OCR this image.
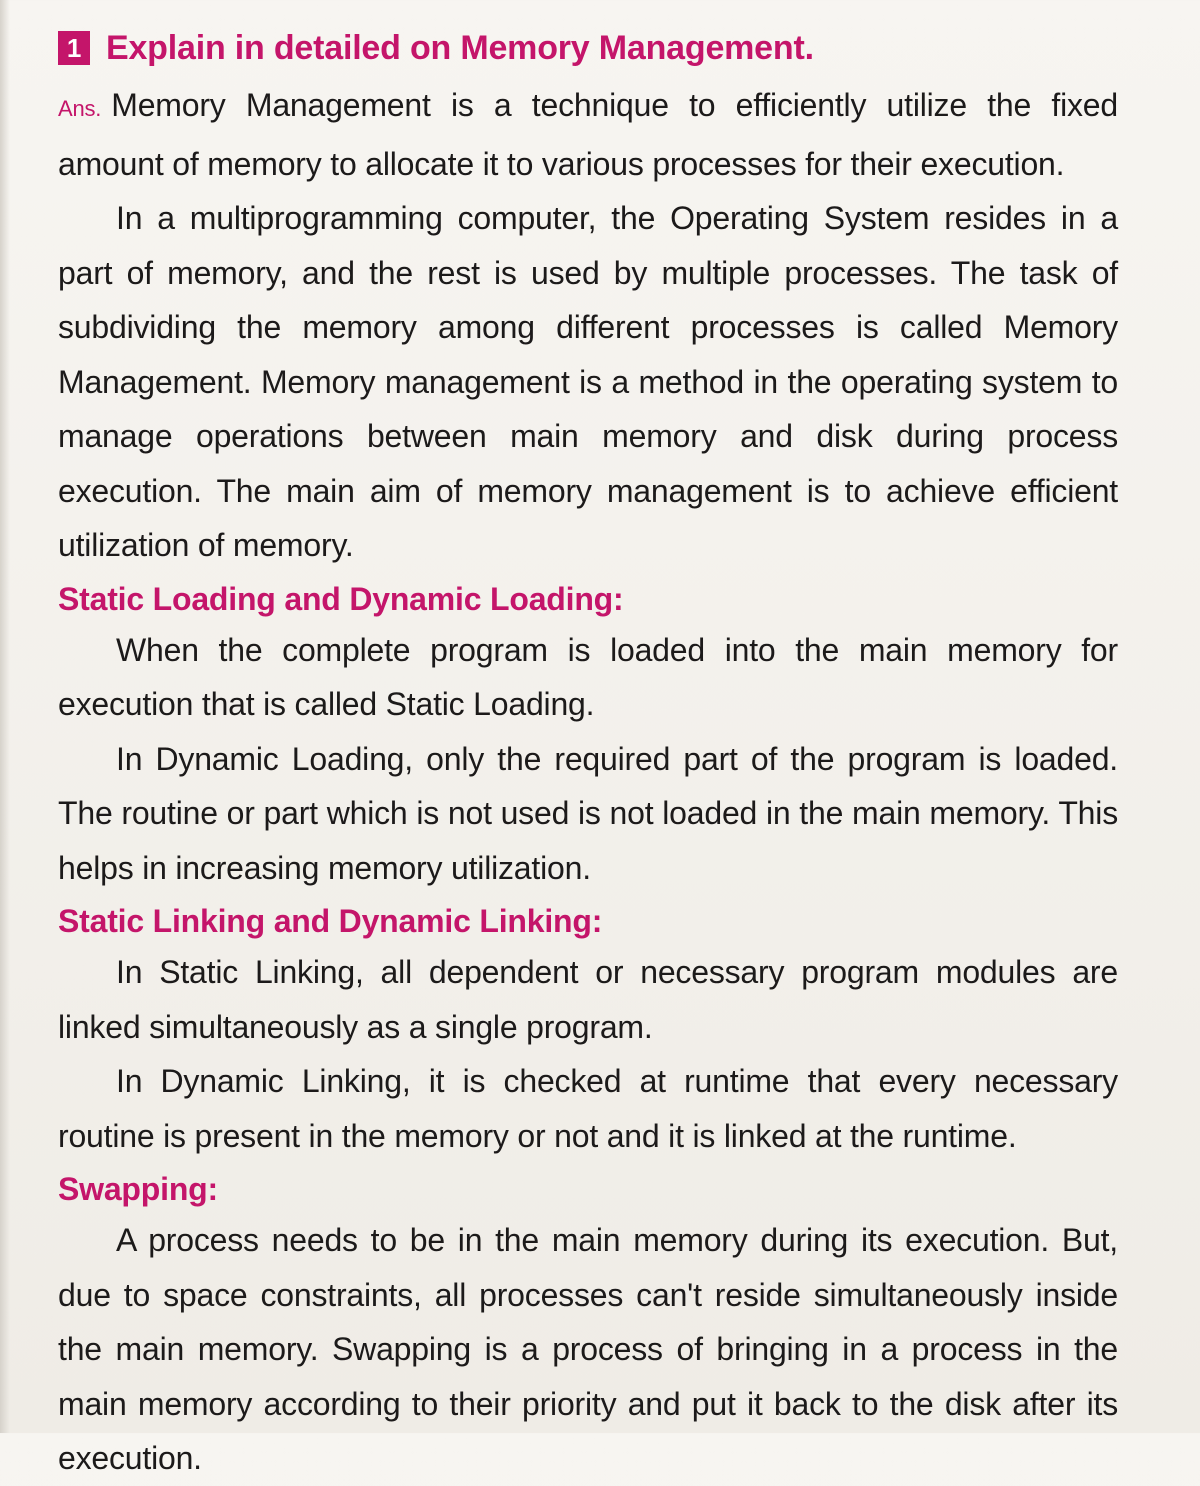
1 Explain in detailed on Memory Management.

Ans. Memory Management is a technique to efficiently utilize the fixed amount of memory to allocate it to various processes for their execution.

In a multiprogramming computer, the Operating System resides in a part of memory, and the rest is used by multiple processes. The task of subdividing the memory among different processes is called Memory Management. Memory management is a method in the operating system to manage operations between main memory and disk during process execution. The main aim of memory management is to achieve efficient utilization of memory.

Static Loading and Dynamic Loading:

When the complete program is loaded into the main memory for execution that is called Static Loading.

In Dynamic Loading, only the required part of the program is loaded. The routine or part which is not used is not loaded in the main memory. This helps in increasing memory utilization.

Static Linking and Dynamic Linking:

In Static Linking, all dependent or necessary program modules are linked simultaneously as a single program.

In Dynamic Linking, it is checked at runtime that every necessary routine is present in the memory or not and it is linked at the runtime.

Swapping:

A process needs to be in the main memory during its execution. But, due to space constraints, all processes can't reside simultaneously inside the main memory. Swapping is a process of bringing in a process in the main memory according to their priority and put it back to the disk after its execution.
